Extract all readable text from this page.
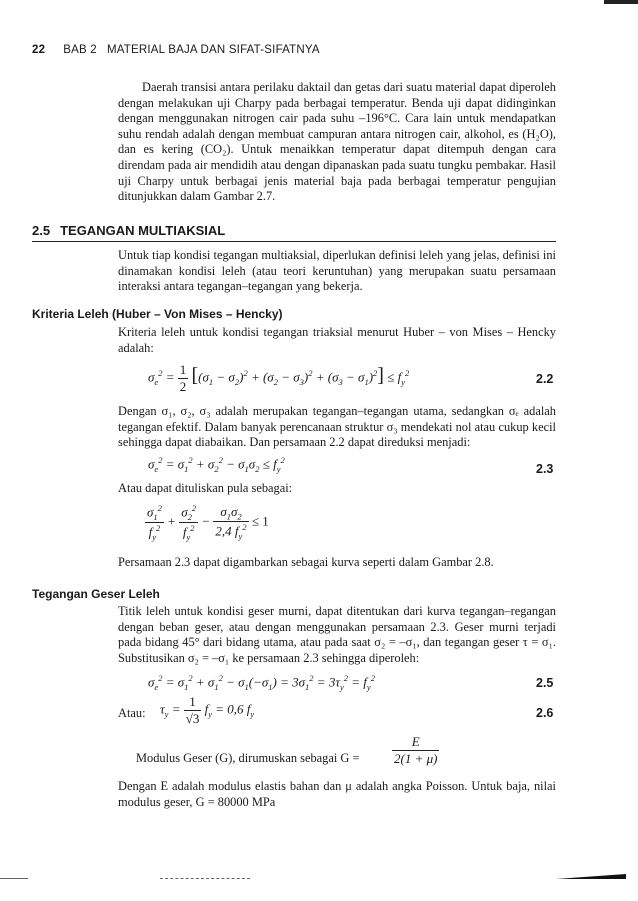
22 BAB 2   MATERIAL BAJA DAN SIFAT-SIFATNYA
Daerah transisi antara perilaku daktail dan getas dari suatu material dapat diperoleh dengan melakukan uji Charpy pada berbagai temperatur. Benda uji dapat didinginkan dengan menggunakan nitrogen cair pada suhu –196°C. Cara lain untuk mendapatkan suhu rendah adalah dengan membuat campuran antara nitrogen cair, alkohol, es (H₂O), dan es kering (CO₂). Untuk menaikkan temperatur dapat ditempuh dengan cara direndam pada air mendidih atau dengan dipanaskan pada suatu tungku pembakar. Hasil uji Charpy untuk berbagai jenis material baja pada berbagai temperatur pengujian ditunjukkan dalam Gambar 2.7.
2.5 TEGANGAN MULTIAKSIAL
Untuk tiap kondisi tegangan multiaksial, diperlukan definisi leleh yang jelas, definisi ini dinamakan kondisi leleh (atau teori keruntuhan) yang merupakan suatu persamaan interaksi antara tegangan–tegangan yang bekerja.
Kriteria Leleh (Huber – Von Mises – Hencky)
Kriteria leleh untuk kondisi tegangan triaksial menurut Huber – von Mises – Hencky adalah:
$\sigma_e^2 = \frac{1}{2} [(\sigma_1 - \sigma_2)^2 + (\sigma_2 - \sigma_3)^2 + (\sigma_3 - \sigma_1)^2] \le f_y^2$	2.2
Dengan σ₁, σ₂, σ₃ adalah merupakan tegangan–tegangan utama, sedangkan σₑ adalah tegangan efektif. Dalam banyak perencanaan struktur σ₃ mendekati nol atau cukup kecil sehingga dapat diabaikan. Dan persamaan 2.2 dapat direduksi menjadi:
$\sigma_e^2 = \sigma_1^2 + \sigma_2^2 - \sigma_1\sigma_2 \le f_y^2$
2.3
Atau dapat dituliskan pula sebagai:
$\frac{\sigma_1^2}{f_y^2} + \frac{\sigma_2^2}{f_y^2} - \frac{\sigma_1\sigma_2}{2,4 f_y^2} \le 1$
Persamaan 2.3 dapat digambarkan sebagai kurva seperti dalam Gambar 2.8.
Tegangan Geser Leleh
Titik leleh untuk kondisi geser murni, dapat ditentukan dari kurva tegangan–regangan dengan beban geser, atau dengan menggunakan persamaan 2.3. Geser murni terjadi pada bidang 45° dari bidang utama, atau pada saat σ₂ = –σ₁, dan tegangan geser τ = σ₁. Substitusikan σ₂ = –σ₁ ke persamaan 2.3 sehingga diperoleh:
$\sigma_e^2 = \sigma_1^2 + \sigma_1^2 - \sigma_1(-\sigma_1) = 3\sigma_1^2 = 3\tau_y^2 = f_y^2$	2.5
Atau: $\tau_y = \frac{1}{√3} f_y = 0,6$ $f_y$	2.6
Modulus Geser (G), dirumuskan sebagai G =	$\frac{E}{2(1 + \mu)}$
Dengan E adalah modulus elastis bahan dan μ adalah angka Poisson. Untuk baja, nilai modulus geser, G = 80000 MPa
